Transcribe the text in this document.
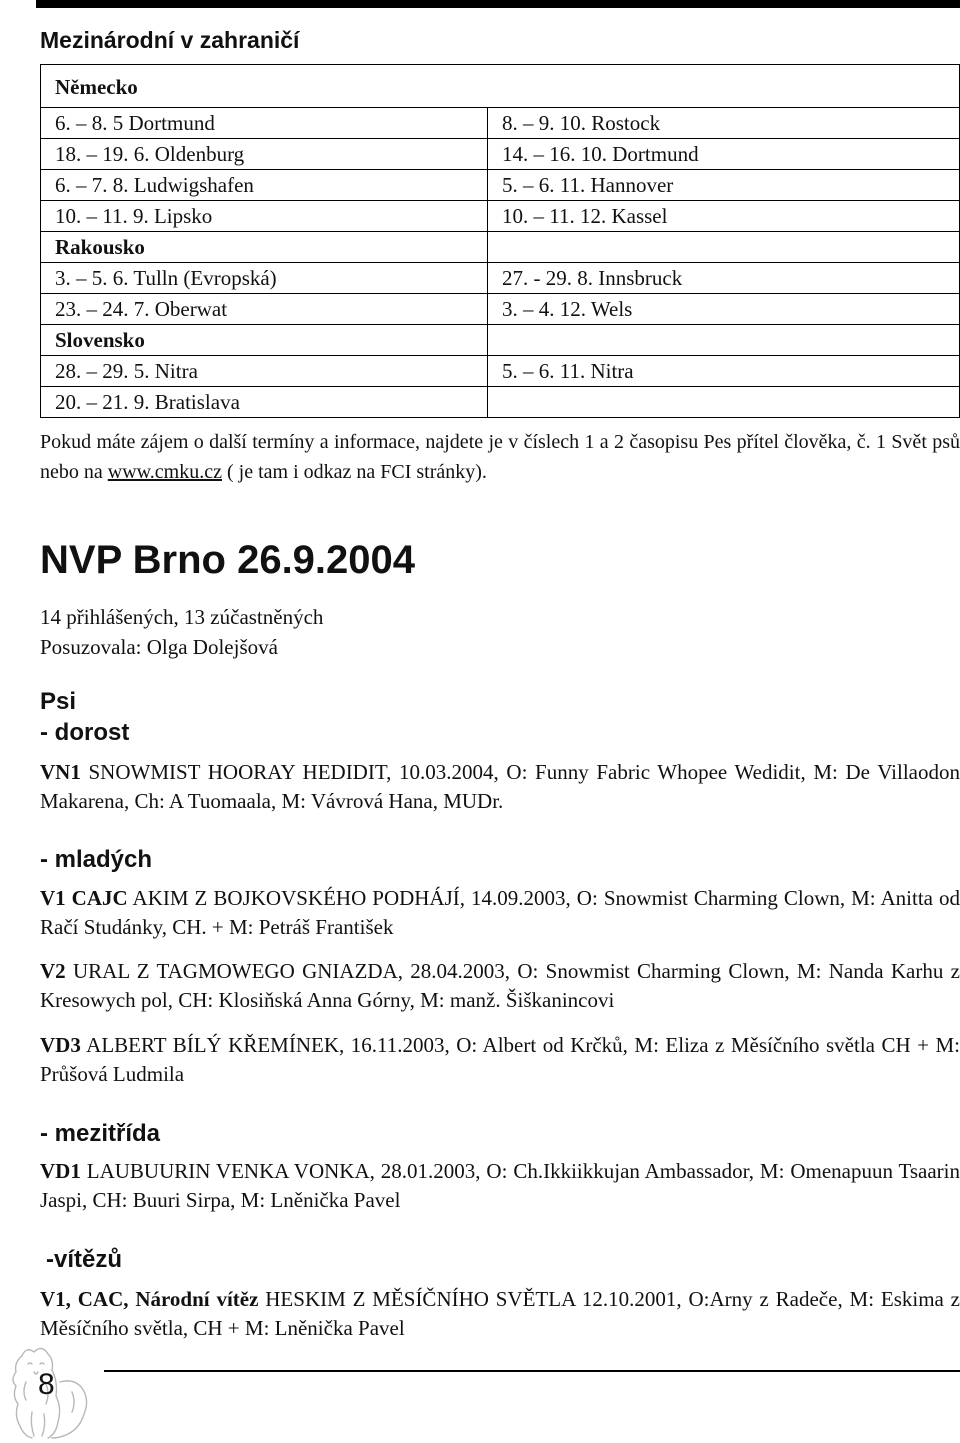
Mezinárodní v zahraničí
Německo	
6. – 8. 5 Dortmund	8. – 9. 10. Rostock
18. – 19. 6. Oldenburg	14. – 16. 10. Dortmund
6. – 7. 8. Ludwigshafen	5. – 6. 11. Hannover
10. – 11. 9. Lipsko	10. – 11. 12. Kassel
Rakousko	
3. – 5. 6. Tulln (Evropská)	27. - 29. 8. Innsbruck
23. – 24. 7. Oberwat	3. – 4. 12. Wels
Slovensko	
28. – 29. 5. Nitra	5. – 6. 11. Nitra
20. – 21. 9. Bratislava	
Pokud máte zájem o další termíny a informace, najdete je v číslech 1 a 2 časopisu Pes přítel člověka, č. 1 Svět psů nebo na www.cmku.cz ( je tam i odkaz na FCI stránky).
NVP Brno 26.9.2004
14 přihlášených, 13 zúčastněných
Posuzovala: Olga Dolejšová
Psi
- dorost
VN1 SNOWMIST HOORAY HEDIDIT, 10.03.2004, O: Funny Fabric Whopee Wedidit, M: De Villaodon Makarena, Ch: A Tuomaala, M: Vávrová Hana, MUDr.
- mladých
V1 CAJC AKIM Z BOJKOVSKÉHO PODHÁJÍ, 14.09.2003, O: Snowmist Charming Clown, M: Anitta od Račí Studánky, CH. + M: Petráš František
V2 URAL Z TAGMOWEGO GNIAZDA, 28.04.2003, O: Snowmist Charming Clown, M: Nanda Karhu z Kresowych pol, CH: Klosiňská Anna Górny, M: manž. Šiškanincovi
VD3 ALBERT BÍLÝ KŘEMÍNEK, 16.11.2003, O: Albert od Krčků, M: Eliza z Měsíčního světla CH + M: Průšová Ludmila
- mezitřída
VD1 LAUBUURIN VENKA VONKA, 28.01.2003, O: Ch.Ikkiikkujan Ambassador, M: Omenapuun Tsaarin Jaspi, CH: Buuri Sirpa, M: Lněnička Pavel
-vítězů
V1, CAC, Národní vítěz HESKIM Z MĚSÍČNÍHO SVĚTLA 12.10.2001, O:Arny z Radeče, M: Eskima z Měsíčního světla, CH + M: Lněnička Pavel
8
